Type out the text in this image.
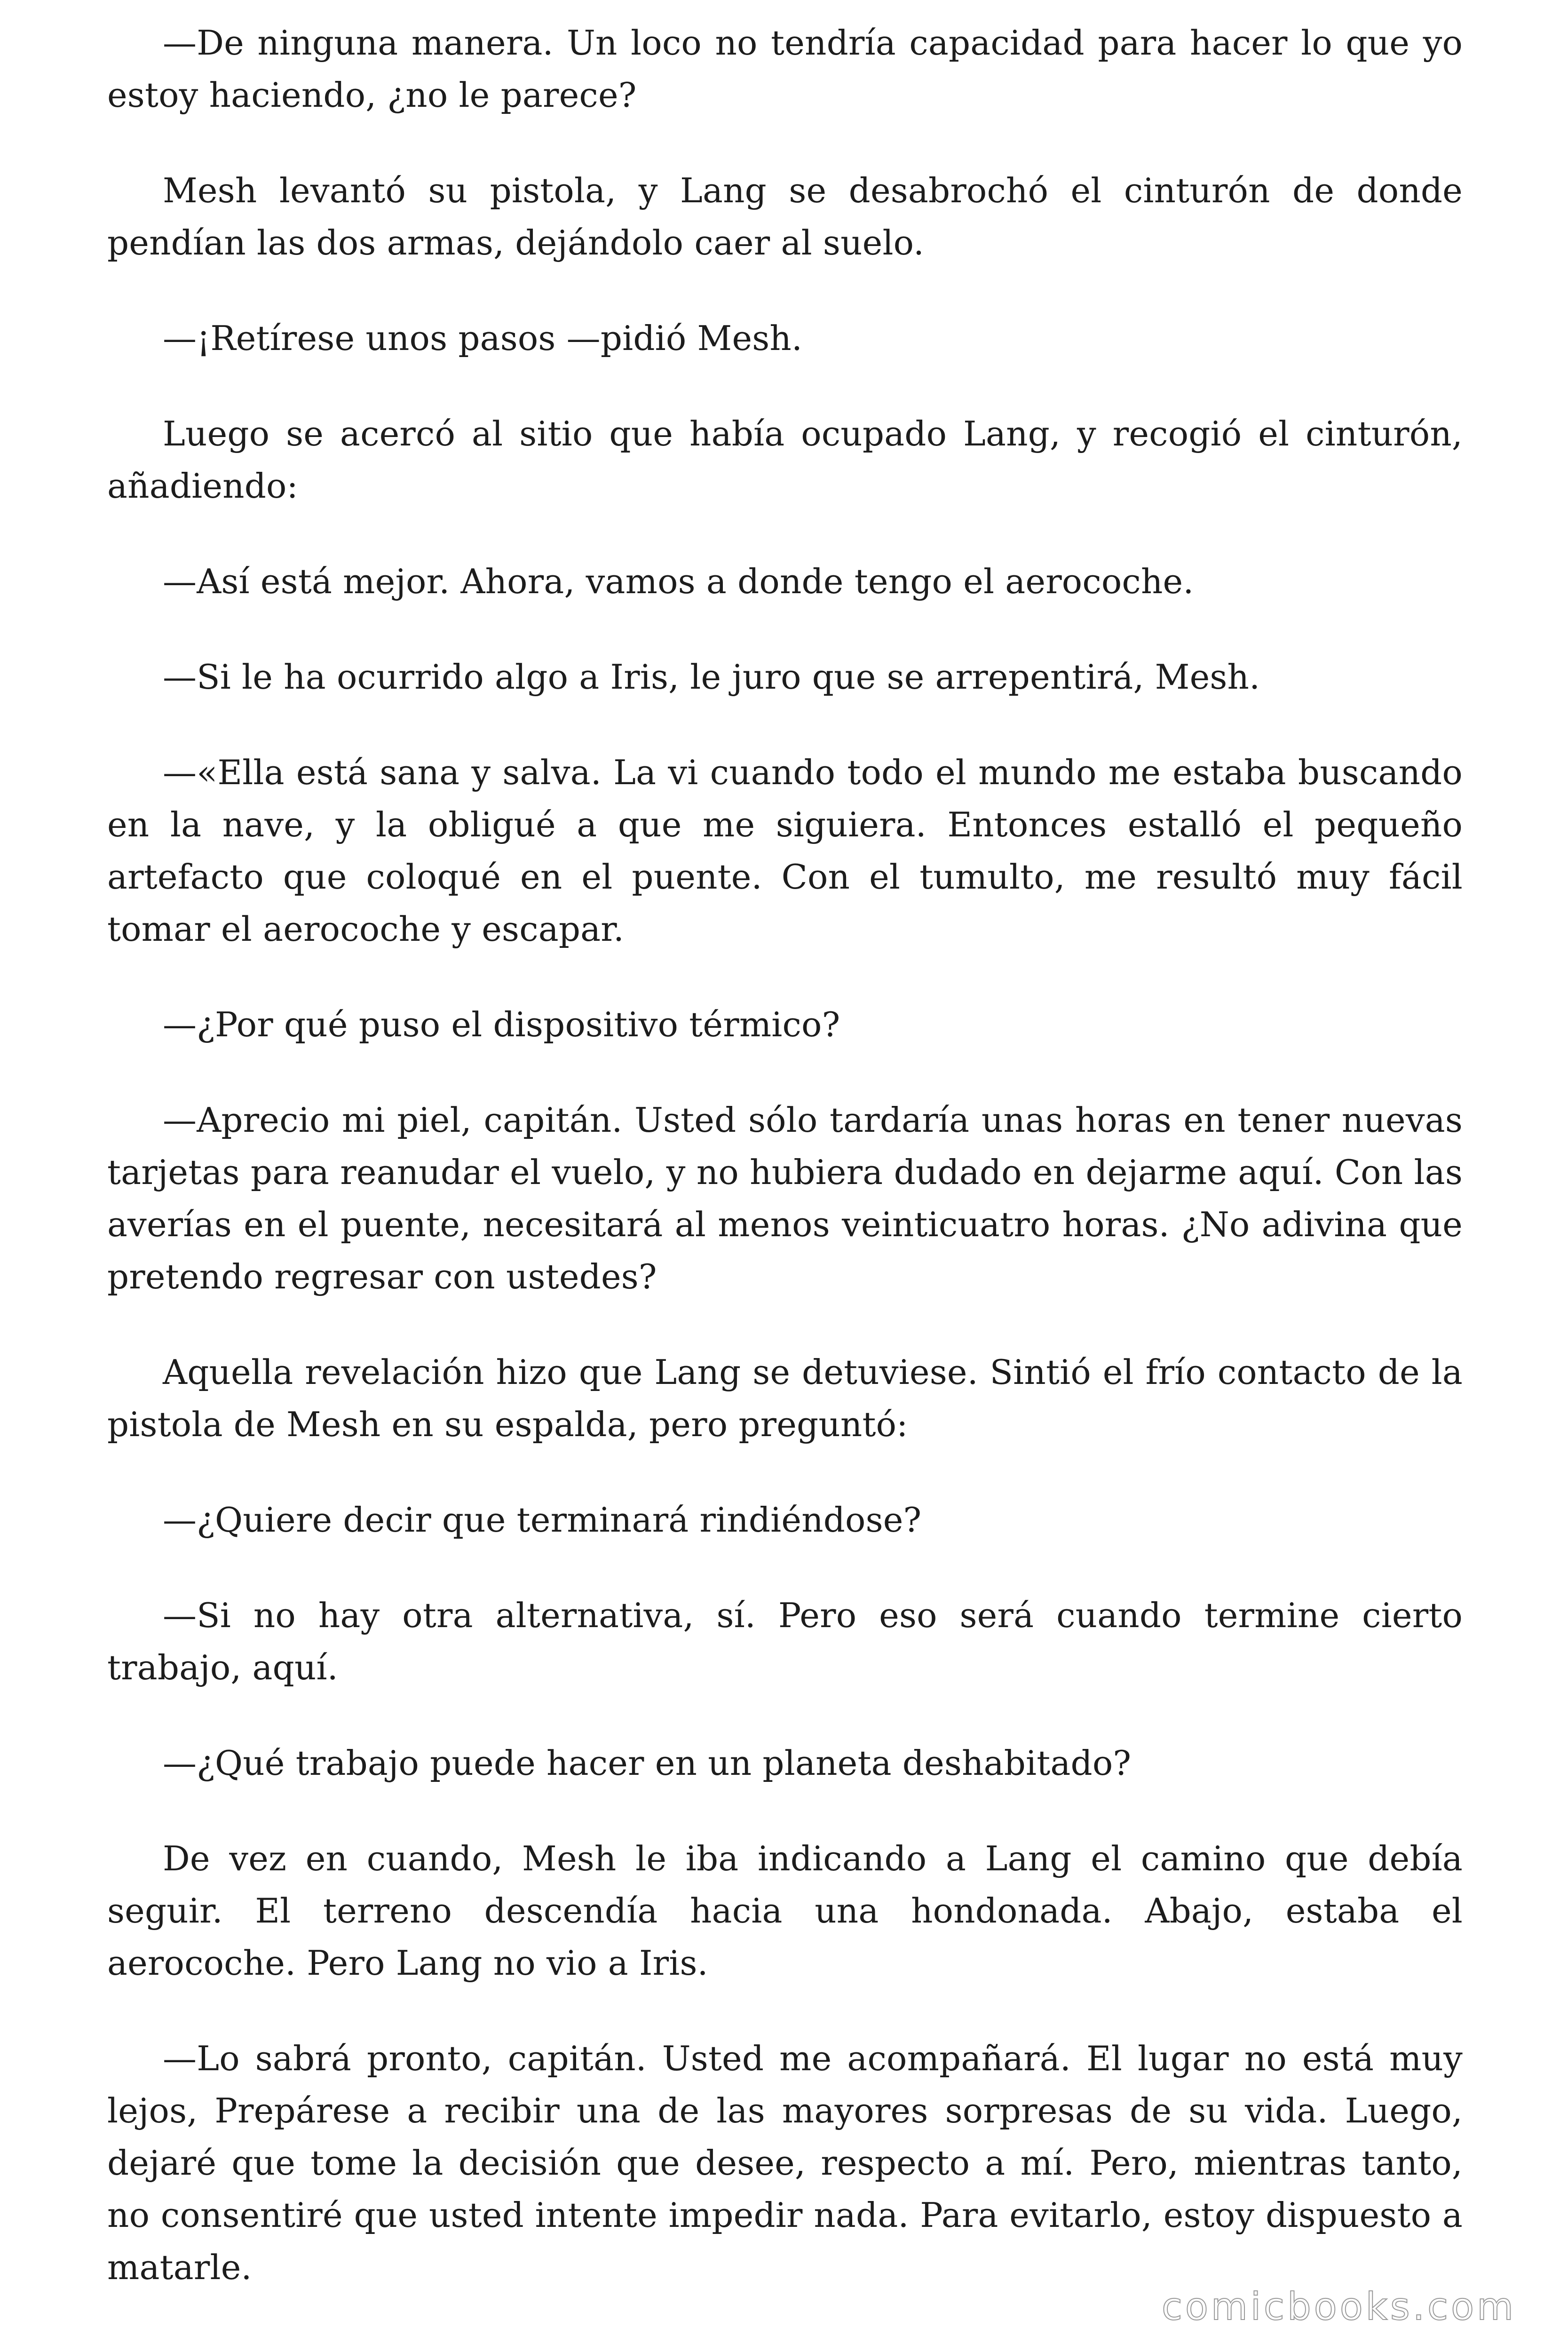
—De ninguna manera. Un loco no tendría capacidad para hacer lo que yo estoy haciendo, ¿no le parece?

Mesh levantó su pistola, y Lang se desabrochó el cinturón de donde pendían las dos armas, dejándolo caer al suelo.

—¡Retírese unos pasos —pidió Mesh.

Luego se acercó al sitio que había ocupado Lang, y recogió el cinturón, añadiendo:

—Así está mejor. Ahora, vamos a donde tengo el aerocoche.

—Si le ha ocurrido algo a Iris, le juro que se arrepentirá, Mesh.

—«Ella está sana y salva. La vi cuando todo el mundo me estaba buscando en la nave, y la obligué a que me siguiera. Entonces estalló el pequeño artefacto que coloqué en el puente. Con el tumulto, me resultó muy fácil tomar el aerocoche y escapar.

—¿Por qué puso el dispositivo térmico?

—Aprecio mi piel, capitán. Usted sólo tardaría unas horas en tener nuevas tarjetas para reanudar el vuelo, y no hubiera dudado en dejarme aquí. Con las averías en el puente, necesitará al menos veinticuatro horas. ¿No adivina que pretendo regresar con ustedes?

Aquella revelación hizo que Lang se detuviese. Sintió el frío contacto de la pistola de Mesh en su espalda, pero preguntó:

—¿Quiere decir que terminará rindiéndose?

—Si no hay otra alternativa, sí. Pero eso será cuando termine cierto trabajo, aquí.

—¿Qué trabajo puede hacer en un planeta deshabitado?

De vez en cuando, Mesh le iba indicando a Lang el camino que debía seguir. El terreno descendía hacia una hondonada. Abajo, estaba el aerocoche. Pero Lang no vio a Iris.

—Lo sabrá pronto, capitán. Usted me acompañará. El lugar no está muy lejos, Prepárese a recibir una de las mayores sorpresas de su vida. Luego, dejaré que tome la decisión que desee, respecto a mí. Pero, mientras tanto, no consentiré que usted intente impedir nada. Para evitarlo, estoy dispuesto a matarle.

comicbooks.com
